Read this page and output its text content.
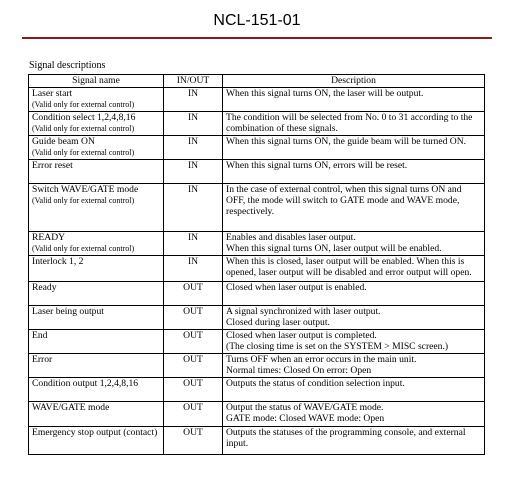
NCL-151-01
Signal descriptions
Signal name	IN/OUT	Description

Laser start
(Valid only for external control)	IN	When this signal turns ON, the laser will be output.

Condition select 1,2,4,8,16
(Valid only for external control)	IN	The condition will be selected from No. 0 to 31 according to the
combination of these signals.

Guide beam ON
(Valid only for external control)	IN	When this signal turns ON, the guide beam will be turned ON.

Error reset	IN	When this signal turns ON, errors will be reset.

Switch WAVE/GATE mode
(Valid only for external control)	IN	In the case of external control, when this signal turns ON and
OFF, the mode will switch to GATE mode and WAVE mode,
respectively.

READY
(Valid only for external control)	IN	Enables and disables laser output.
When this signal turns ON, laser output will be enabled.

Interlock 1, 2	IN	When this is closed, laser output will be enabled. When this is
opened, laser output will be disabled and error output will open.

Ready	OUT	Closed when laser output is enabled.

Laser being output	OUT	A signal synchronized with laser output.
Closed during laser output.

End	OUT	Closed when laser output is completed.
(The closing time is set on the SYSTEM > MISC screen.)

Error	OUT	Turns OFF when an error occurs in the main unit.
Normal times: Closed On error: Open

Condition output 1,2,4,8,16	OUT	Outputs the status of condition selection input.

WAVE/GATE mode	OUT	Output the status of WAVE/GATE mode.
GATE mode: Closed WAVE mode: Open

Emergency stop output (contact)	OUT	Outputs the statuses of the programming console, and external
input.
